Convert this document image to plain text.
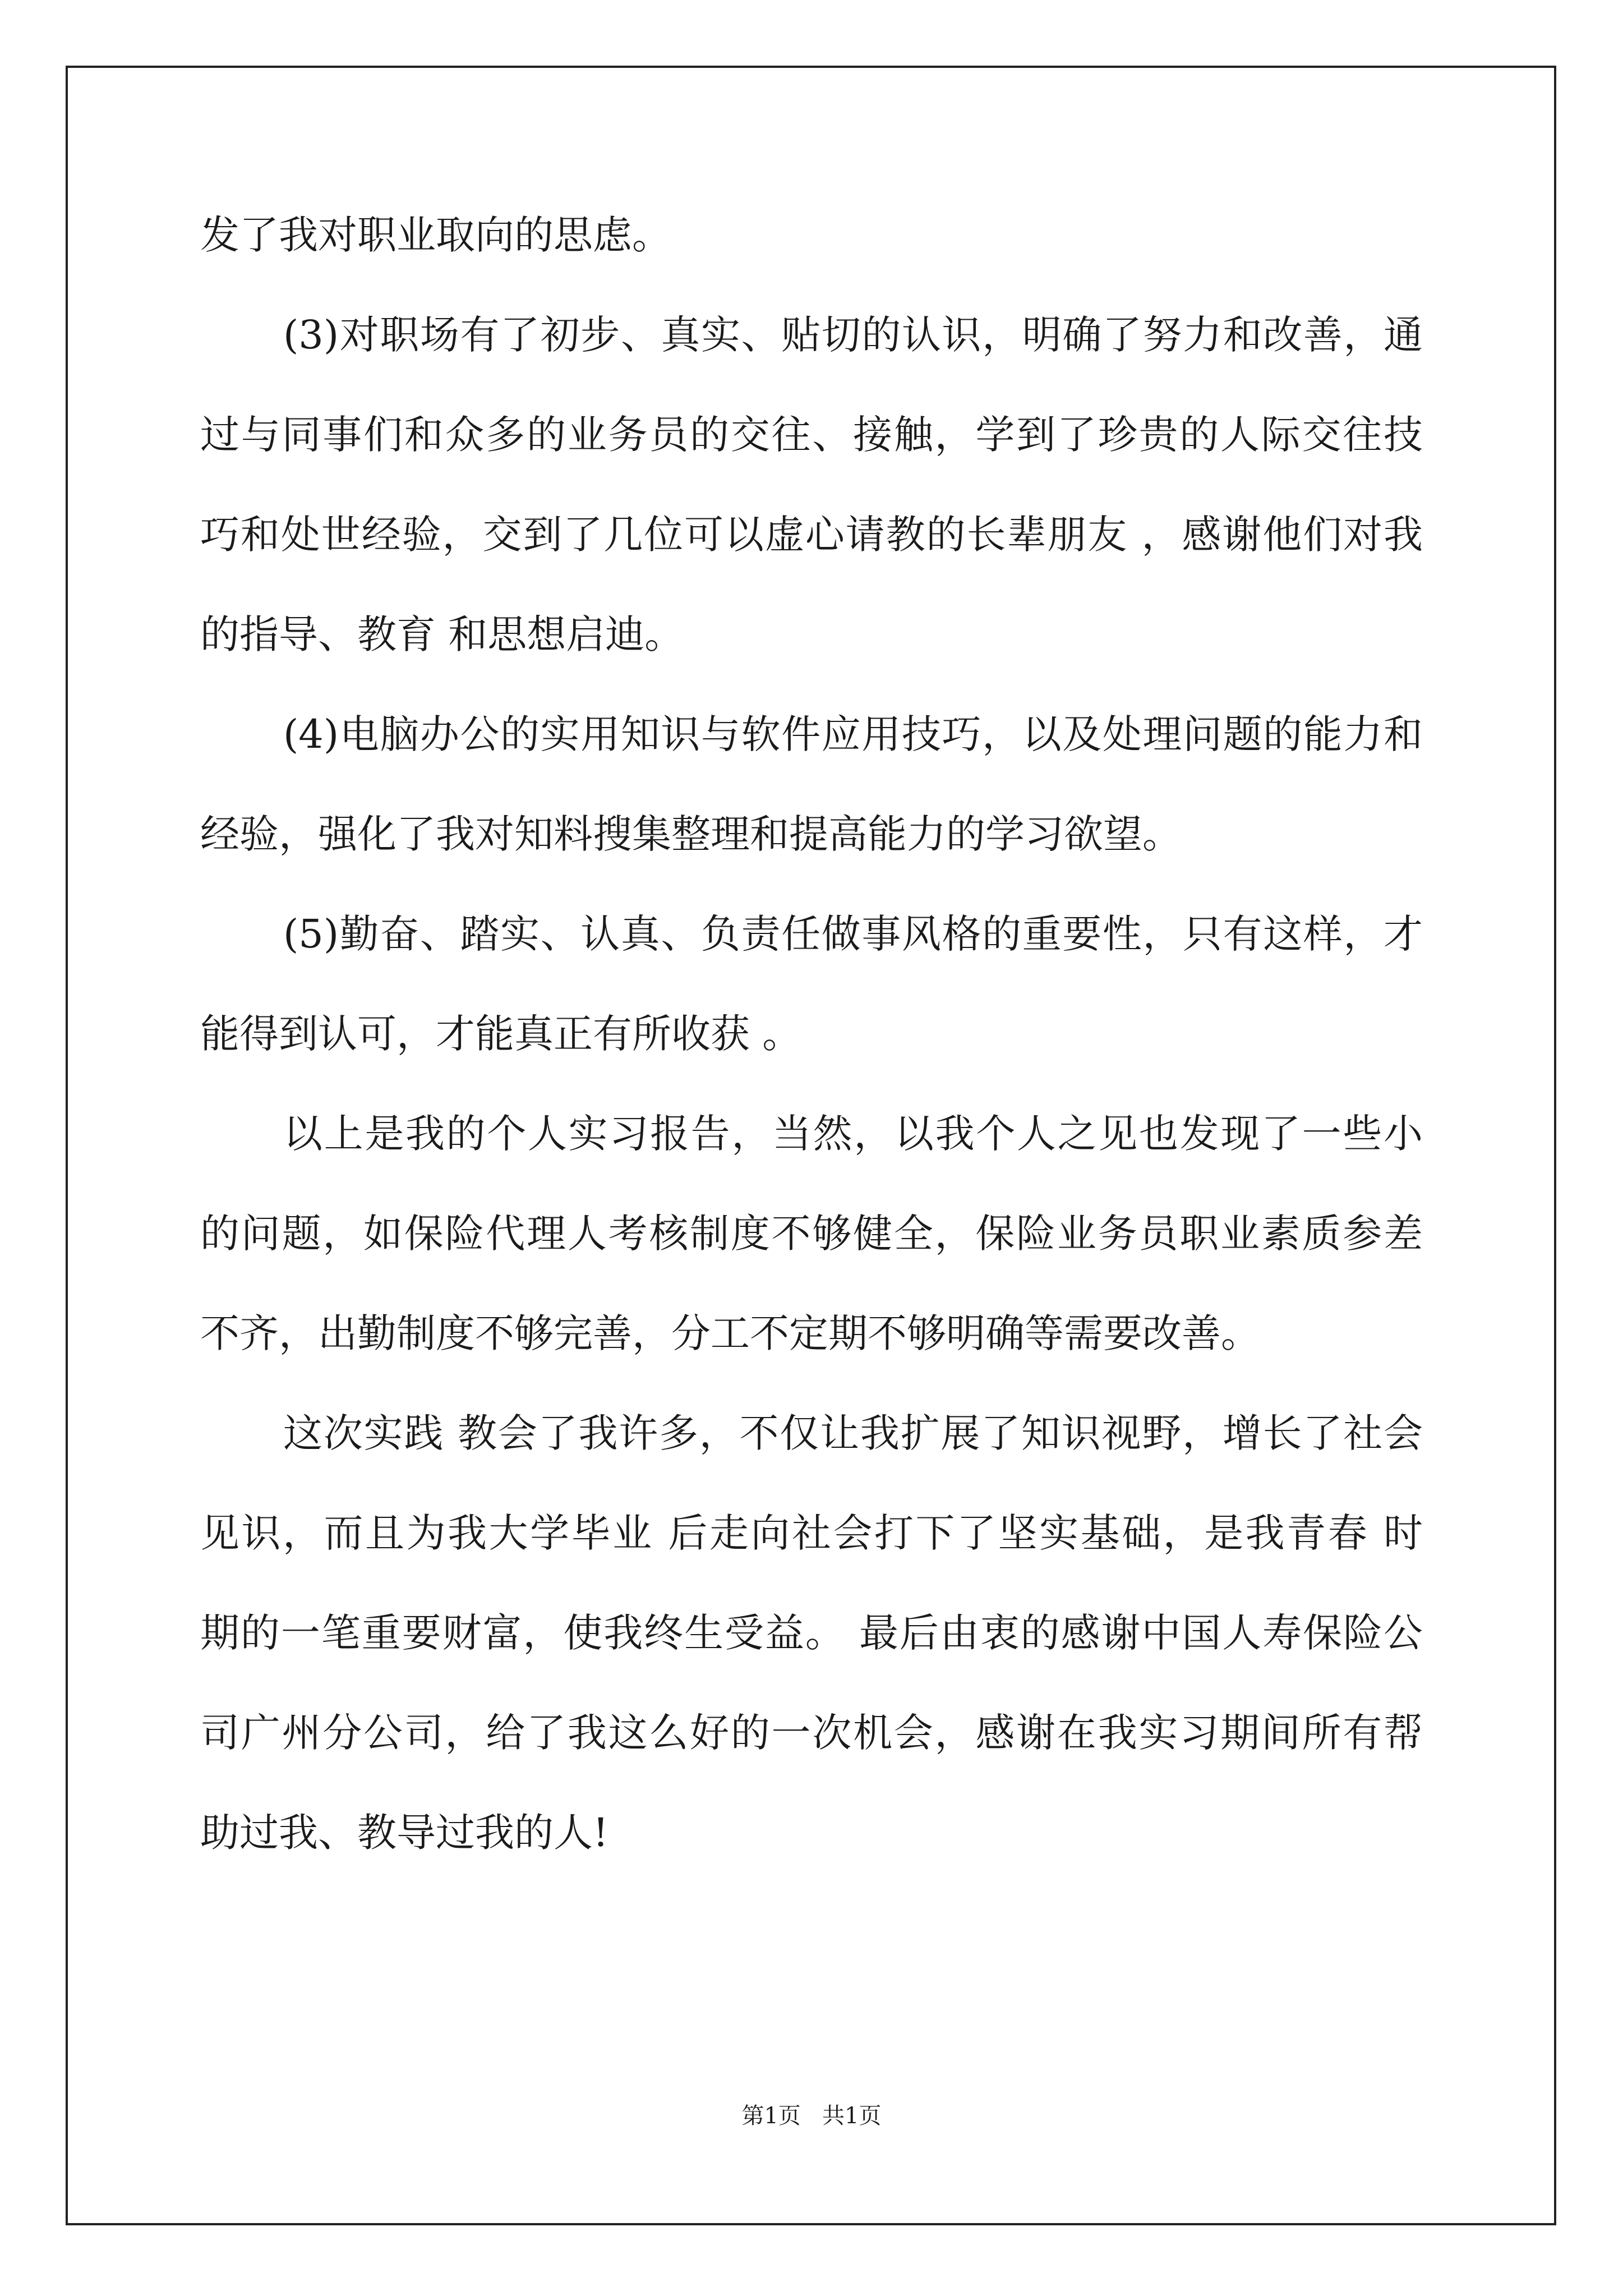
发了我对职业取向的思虑。
(3)对职场有了初步、真实、贴切的认识，明确了努力和改善，通
过与同事们和众多的业务员的交往、接触，学到了珍贵的人际交往技
巧和处世经验，交到了几位可以虚心请教的长辈朋友 ，感谢他们对我
的指导、教育 和思想启迪。
(4)电脑办公的实用知识与软件应用技巧，以及处理问题的能力和
经验，强化了我对知料搜集整理和提高能力的学习欲望。
(5)勤奋、踏实、认真、负责任做事风格的重要性，只有这样，才
能得到认可，才能真正有所收获 。
以上是我的个人实习报告，当然，以我个人之见也发现了一些小
的问题，如保险代理人考核制度不够健全，保险业务员职业素质参差
不齐，出勤制度不够完善，分工不定期不够明确等需要改善。
这次实践 教会了我许多，不仅让我扩展了知识视野，增长了社会
见识，而且为我大学毕业 后走向社会打下了坚实基础，是我青春 时
期的一笔重要财富，使我终生受益。 最后由衷的感谢中国人寿保险公
司广州分公司，给了我这么好的一次机会，感谢在我实习期间所有帮
助过我、教导过我的人!
第1页   共1页
